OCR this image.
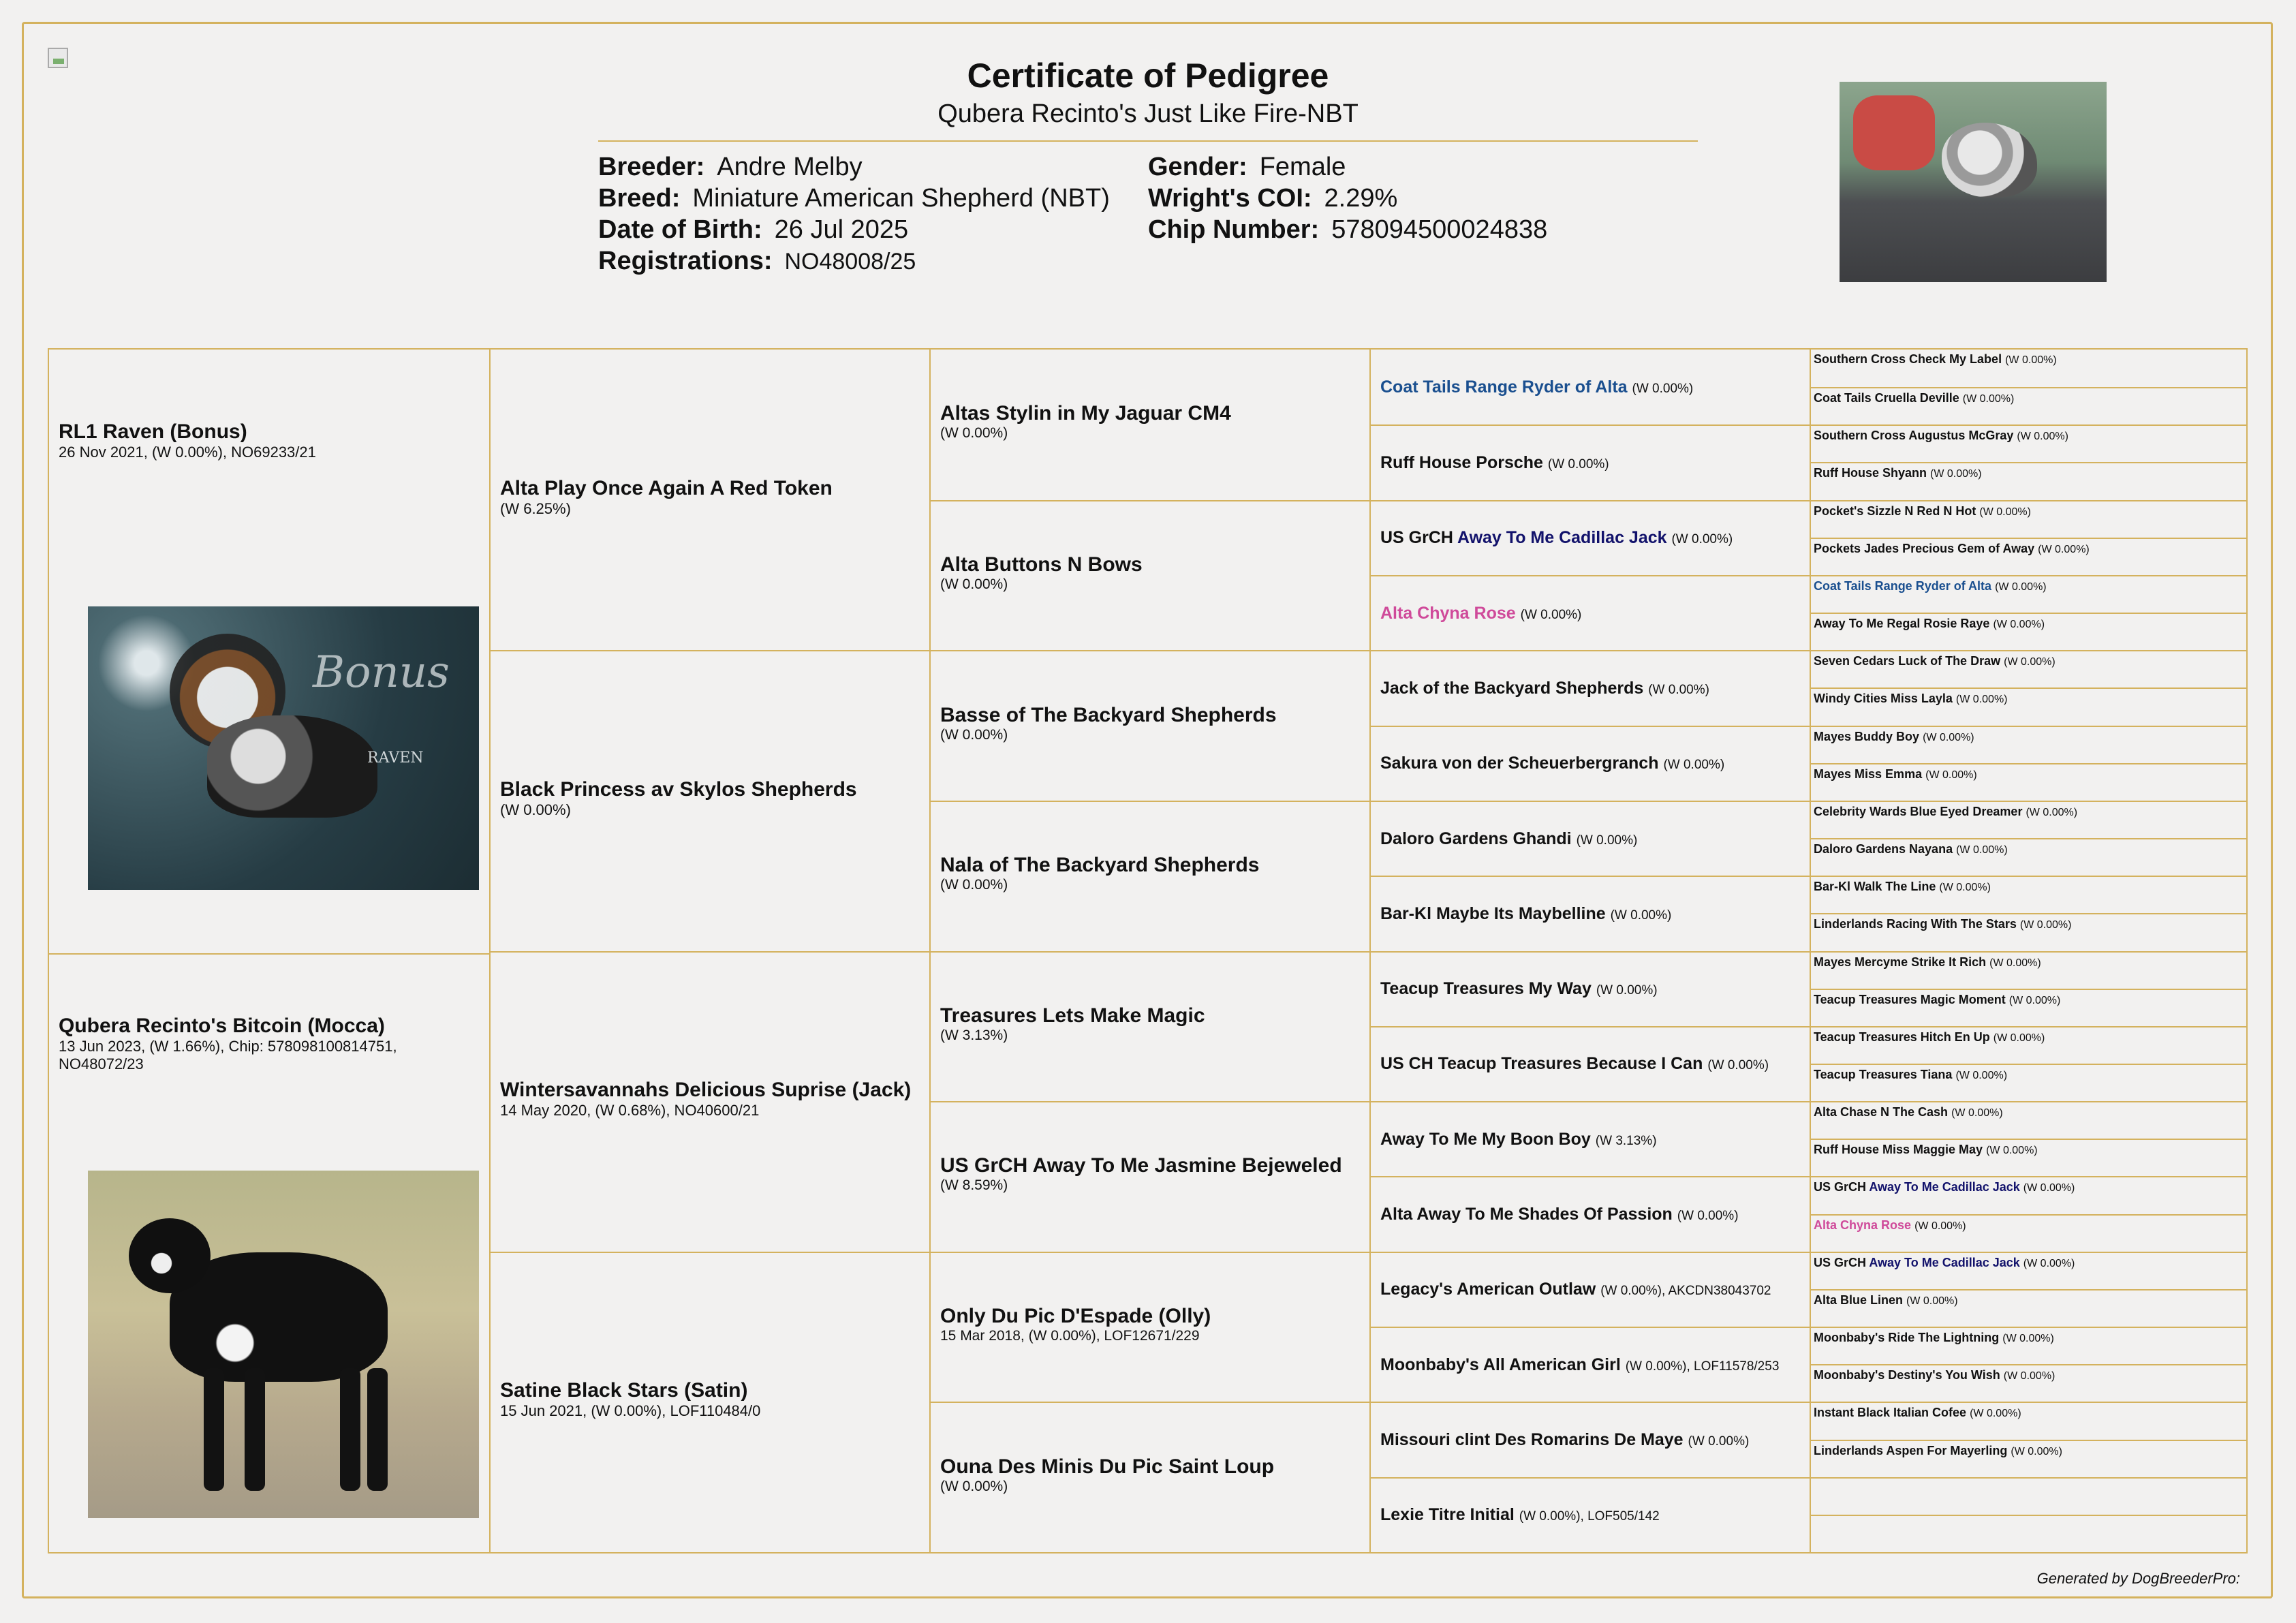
Certificate of Pedigree
Qubera Recinto's Just Like Fire-NBT
Breeder: Andre Melby
Breed: Miniature American Shepherd (NBT)
Date of Birth: 26 Jul 2025
Registrations: NO48008/25
Gender: Female
Wright's COI: 2.29%
Chip Number: 578094500024838
RL1 Raven (Bonus)
26 Nov 2021, (W 0.00%), NO69233/21
Bonus
RAVEN
Qubera Recinto's Bitcoin (Mocca)
13 Jun 2023, (W 1.66%), Chip: 578098100814751, NO48072/23
Alta Play Once Again A Red Token
(W 6.25%)
Black Princess av Skylos Shepherds
(W 0.00%)
Wintersavannahs Delicious Suprise (Jack)
14 May 2020, (W 0.68%), NO40600/21
Satine Black Stars (Satin)
15 Jun 2021, (W 0.00%), LOF110484/0
Altas Stylin in My Jaguar CM4
(W 0.00%)
Alta Buttons N Bows
(W 0.00%)
Basse of The Backyard Shepherds
(W 0.00%)
Nala of The Backyard Shepherds
(W 0.00%)
Treasures Lets Make Magic
(W 3.13%)
US GrCH Away To Me Jasmine Bejeweled
(W 8.59%)
Only Du Pic D'Espade (Olly)
15 Mar 2018, (W 0.00%), LOF12671/229
Ouna Des Minis Du Pic Saint Loup
(W 0.00%)
Coat Tails Range Ryder of Alta (W 0.00%)
Ruff House Porsche (W 0.00%)
US GrCH Away To Me Cadillac Jack (W 0.00%)
Alta Chyna Rose (W 0.00%)
Jack of the Backyard Shepherds (W 0.00%)
Sakura von der Scheuerbergranch (W 0.00%)
Daloro Gardens Ghandi (W 0.00%)
Bar-Kl Maybe Its Maybelline (W 0.00%)
Teacup Treasures My Way (W 0.00%)
US CH Teacup Treasures Because I Can (W 0.00%)
Away To Me My Boon Boy (W 3.13%)
Alta Away To Me Shades Of Passion (W 0.00%)
Legacy's American Outlaw (W 0.00%), AKCDN38043702
Moonbaby's All American Girl (W 0.00%), LOF11578/253
Missouri clint Des Romarins De Maye (W 0.00%)
Lexie Titre Initial (W 0.00%), LOF505/142
Southern Cross Check My Label (W 0.00%)
Coat Tails Cruella Deville (W 0.00%)
Southern Cross Augustus McGray (W 0.00%)
Ruff House Shyann (W 0.00%)
Pocket's Sizzle N Red N Hot (W 0.00%)
Pockets Jades Precious Gem of Away (W 0.00%)
Coat Tails Range Ryder of Alta (W 0.00%)
Away To Me Regal Rosie Raye (W 0.00%)
Seven Cedars Luck of The Draw (W 0.00%)
Windy Cities Miss Layla (W 0.00%)
Mayes Buddy Boy (W 0.00%)
Mayes Miss Emma (W 0.00%)
Celebrity Wards Blue Eyed Dreamer (W 0.00%)
Daloro Gardens Nayana (W 0.00%)
Bar-Kl Walk The Line (W 0.00%)
Linderlands Racing With The Stars (W 0.00%)
Mayes Mercyme Strike It Rich (W 0.00%)
Teacup Treasures Magic Moment (W 0.00%)
Teacup Treasures Hitch En Up (W 0.00%)
Teacup Treasures Tiana (W 0.00%)
Alta Chase N The Cash (W 0.00%)
Ruff House Miss Maggie May (W 0.00%)
US GrCH Away To Me Cadillac Jack (W 0.00%)
Alta Chyna Rose (W 0.00%)
US GrCH Away To Me Cadillac Jack (W 0.00%)
Alta Blue Linen (W 0.00%)
Moonbaby's Ride The Lightning (W 0.00%)
Moonbaby's Destiny's You Wish (W 0.00%)
Instant Black Italian Cofee (W 0.00%)
Linderlands Aspen For Mayerling (W 0.00%)
Generated by DogBreederPro:
